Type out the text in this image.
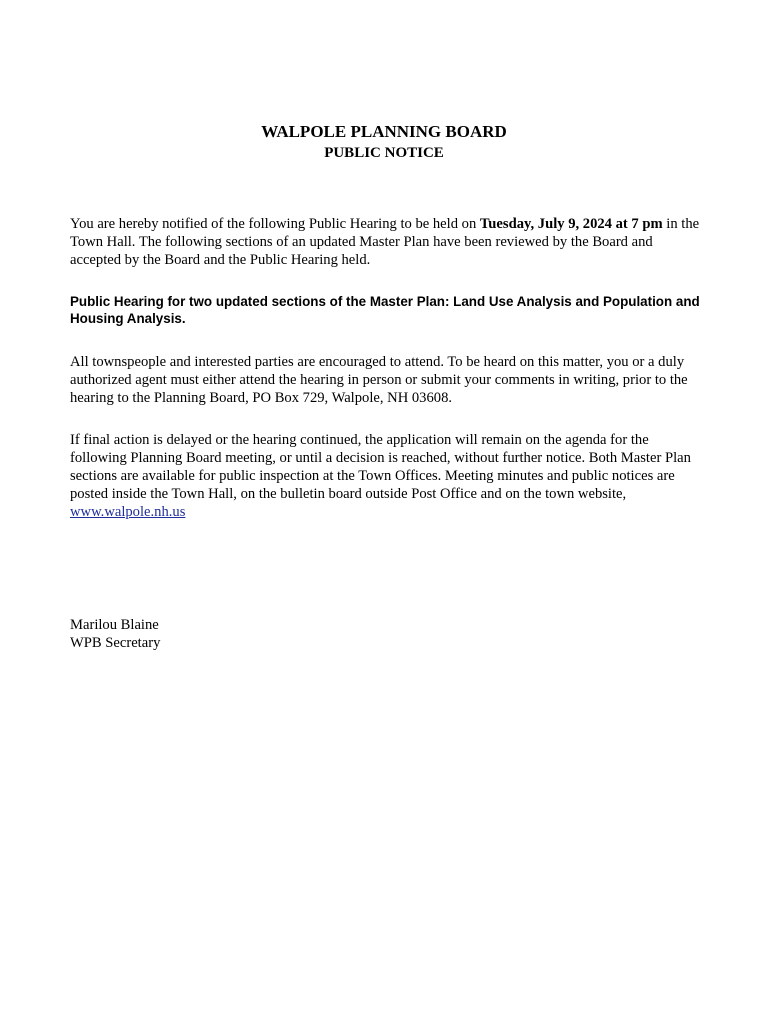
WALPOLE PLANNING BOARD
PUBLIC NOTICE
You are hereby notified of the following Public Hearing to be held on Tuesday, July 9, 2024 at 7 pm in the Town Hall. The following sections of an updated Master Plan have been reviewed by the Board and accepted by the Board and the Public Hearing held.
Public Hearing for two updated sections of the Master Plan: Land Use Analysis and Population and Housing Analysis.
All townspeople and interested parties are encouraged to attend. To be heard on this matter, you or a duly authorized agent must either attend the hearing in person or submit your comments in writing, prior to the hearing to the Planning Board, PO Box 729, Walpole, NH 03608.
If final action is delayed or the hearing continued, the application will remain on the agenda for the following Planning Board meeting, or until a decision is reached, without further notice. Both Master Plan sections are available for public inspection at the Town Offices. Meeting minutes and public notices are posted inside the Town Hall, on the bulletin board outside Post Office and on the town website, www.walpole.nh.us
Marilou Blaine
WPB Secretary
